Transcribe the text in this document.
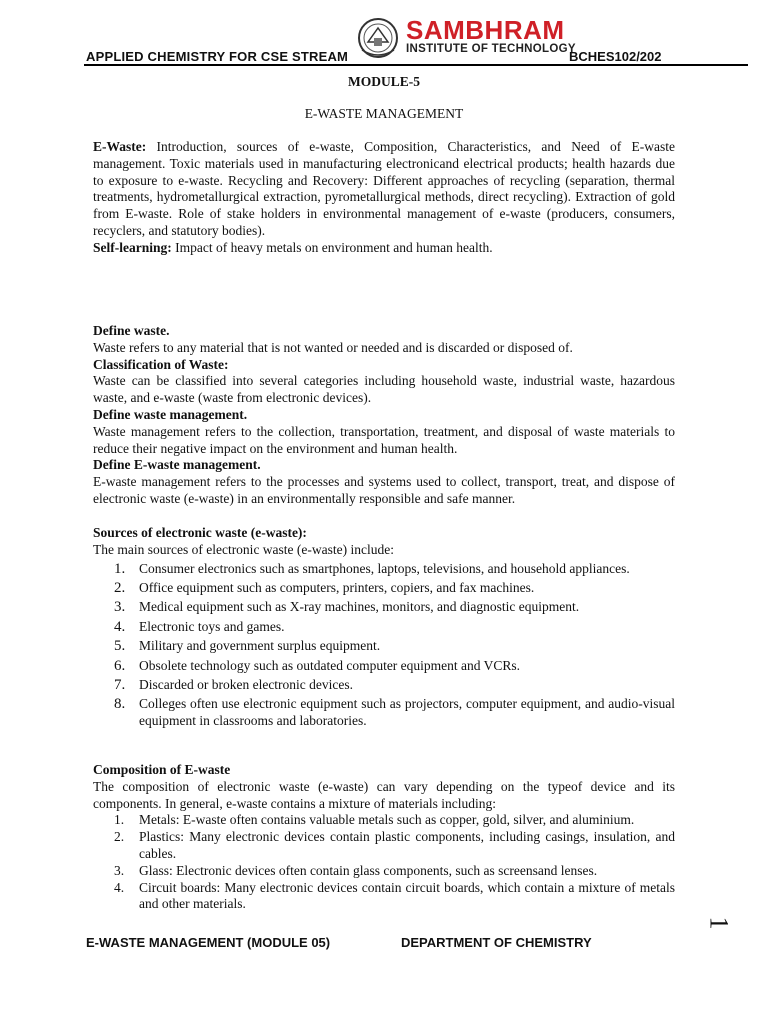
APPLIED CHEMISTRY FOR CSE STREAM
SAMBHRAM
INSTITUTE OF TECHNOLOGY
BCHES102/202
MODULE-5
E-WASTE MANAGEMENT

E-Waste: Introduction, sources of e-waste, Composition, Characteristics, and Need of E-waste management. Toxic materials used in manufacturing electronicand electrical products; health hazards due to exposure to e-waste. Recycling and Recovery: Different approaches of recycling (separation, thermal treatments, hydrometallurgical extraction, pyrometallurgical methods, direct recycling). Extraction of gold from E-waste. Role of stake holders in environmental management of e-waste (producers, consumers, recyclers, and statutory bodies).

Self-learning: Impact of heavy metals on environment and human health.

Define waste.

Waste refers to any material that is not wanted or needed and is discarded or disposed of.

Classification of Waste:

Waste can be classified into several categories including household waste, industrial waste, hazardous waste, and e-waste (waste from electronic devices).

Define waste management.

Waste management refers to the collection, transportation, treatment, and disposal of waste materials to reduce their negative impact on the environment and human health.

Define E-waste management.

E-waste management refers to the processes and systems used to collect, transport, treat, and dispose of electronic waste (e-waste) in an environmentally responsible and safe manner.

Sources of electronic waste (e-waste):

The main sources of electronic waste (e-waste) include:

1. Consumer electronics such as smartphones, laptops, televisions, and household appliances.
2. Office equipment such as computers, printers, copiers, and fax machines.
3. Medical equipment such as X-ray machines, monitors, and diagnostic equipment.
4. Electronic toys and games.
5. Military and government surplus equipment.
6. Obsolete technology such as outdated computer equipment and VCRs.
7. Discarded or broken electronic devices.
8. Colleges often use electronic equipment such as projectors, computer equipment, and audio-visual equipment in classrooms and laboratories.

Composition of E-waste

The composition of electronic waste (e-waste) can vary depending on the typeof device and its components. In general, e-waste contains a mixture of materials including:

1. Metals: E-waste often contains valuable metals such as copper, gold, silver, and aluminium.
2. Plastics: Many electronic devices contain plastic components, including casings, insulation, and cables.
3. Glass: Electronic devices often contain glass components, such as screensand lenses.
4. Circuit boards: Many electronic devices contain circuit boards, which contain a mixture of metals and other materials.
E-WASTE MANAGEMENT (MODULE 05)	DEPARTMENT OF CHEMISTRY
1
